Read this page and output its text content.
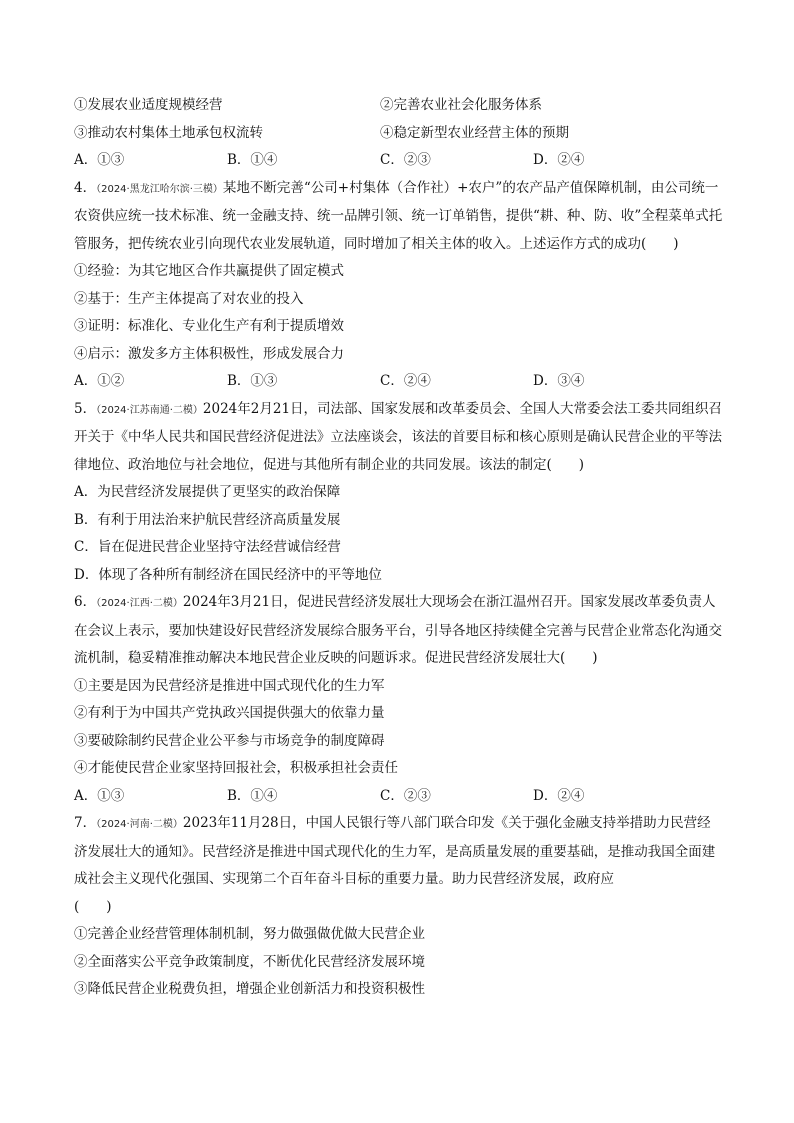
①发展农业适度规模经营	②完善农业社会化服务体系
③推动农村集体土地承包权流转	④稳定新型农业经营主体的预期
A．①③	B．①④	C．②③	D．②④

4．（2024·黑龙江哈尔滨·三模）某地不断完善“公司+村集体（合作社）+农户”的农产品产值保障机制，由公司统一农资供应统一技术标准、统一金融支持、统一品牌引领、统一订单销售，提供“耕、种、防、收”全程菜单式托管服务，把传统农业引向现代农业发展轨道，同时增加了相关主体的收入。上述运作方式的成功(　　)

①经验：为其它地区合作共赢提供了固定模式
②基于：生产主体提高了对农业的投入
③证明：标准化、专业化生产有利于提质增效
④启示：激发多方主体积极性，形成发展合力
A．①②	B．①③	C．②④	D．③④

5．（2024·江苏南通·二模）2024年2月21日，司法部、国家发展和改革委员会、全国人大常委会法工委共同组织召开关于《中华人民共和国民营经济促进法》立法座谈会，该法的首要目标和核心原则是确认民营企业的平等法律地位、政治地位与社会地位，促进与其他所有制企业的共同发展。该法的制定(　　)

A．为民营经济发展提供了更坚实的政治保障
B．有利于用法治来护航民营经济高质量发展
C．旨在促进民营企业坚持守法经营诚信经营
D．体现了各种所有制经济在国民经济中的平等地位

6．（2024·江西·二模）2024年3月21日，促进民营经济发展壮大现场会在浙江温州召开。国家发展改革委负责人在会议上表示，要加快建设好民营经济发展综合服务平台，引导各地区持续健全完善与民营企业常态化沟通交流机制，稳妥精准推动解决本地民营企业反映的问题诉求。促进民营经济发展壮大(　　)

①主要是因为民营经济是推进中国式现代化的生力军
②有利于为中国共产党执政兴国提供强大的依靠力量
③要破除制约民营企业公平参与市场竞争的制度障碍
④才能使民营企业家坚持回报社会，积极承担社会责任
A．①③	B．①④	C．②③	D．②④

7．（2024·河南·二模）2023年11月28日，中国人民银行等八部门联合印发《关于强化金融支持举措助力民营经济发展壮大的通知》。民营经济是推进中国式现代化的生力军，是高质量发展的重要基础，是推动我国全面建成社会主义现代化强国、实现第二个百年奋斗目标的重要力量。助力民营经济发展，政府应
(　　)

①完善企业经营管理体制机制，努力做强做优做大民营企业
②全面落实公平竞争政策制度，不断优化民营经济发展环境
③降低民营企业税费负担，增强企业创新活力和投资积极性
